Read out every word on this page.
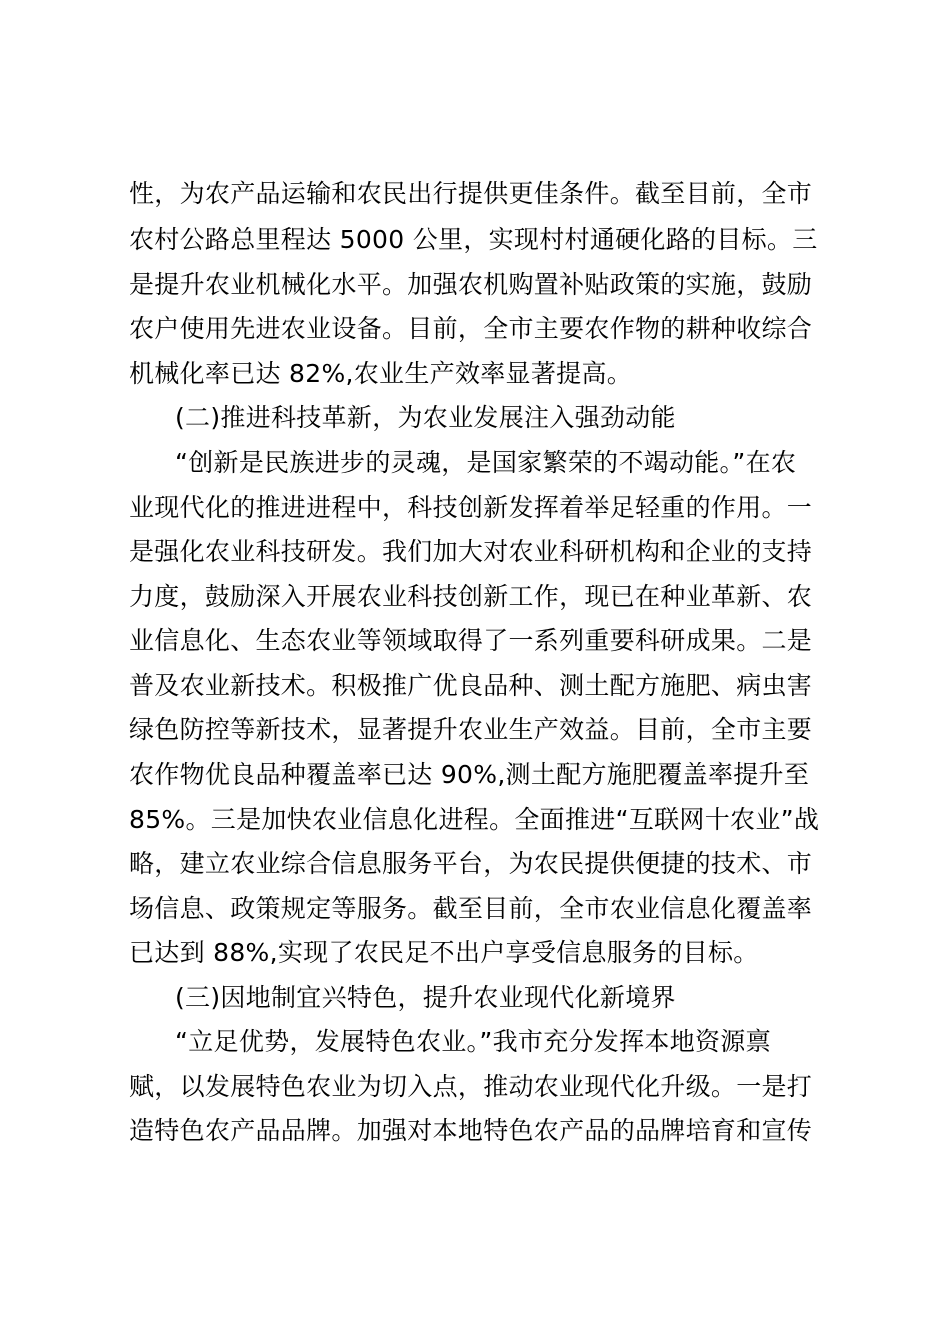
性，为农产品运输和农民出行提供更佳条件。截至目前，全市
农村公路总里程达 5000 公里，实现村村通硬化路的目标。三
是提升农业机械化水平。加强农机购置补贴政策的实施，鼓励
农户使用先进农业设备。目前，全市主要农作物的耕种收综合
机械化率已达 82%,农业生产效率显著提高。
(二)推进科技革新，为农业发展注入强劲动能
“创新是民族进步的灵魂，是国家繁荣的不竭动能。”在农
业现代化的推进进程中，科技创新发挥着举足轻重的作用。一
是强化农业科技研发。我们加大对农业科研机构和企业的支持
力度，鼓励深入开展农业科技创新工作，现已在种业革新、农
业信息化、生态农业等领域取得了一系列重要科研成果。二是
普及农业新技术。积极推广优良品种、测土配方施肥、病虫害
绿色防控等新技术，显著提升农业生产效益。目前，全市主要
农作物优良品种覆盖率已达 90%,测土配方施肥覆盖率提升至
85%。三是加快农业信息化进程。全面推进“互联网十农业”战
略，建立农业综合信息服务平台，为农民提供便捷的技术、市
场信息、政策规定等服务。截至目前，全市农业信息化覆盖率
已达到 88%,实现了农民足不出户享受信息服务的目标。
(三)因地制宜兴特色，提升农业现代化新境界
“立足优势，发展特色农业。”我市充分发挥本地资源禀
赋，以发展特色农业为切入点，推动农业现代化升级。一是打
造特色农产品品牌。加强对本地特色农产品的品牌培育和宣传
